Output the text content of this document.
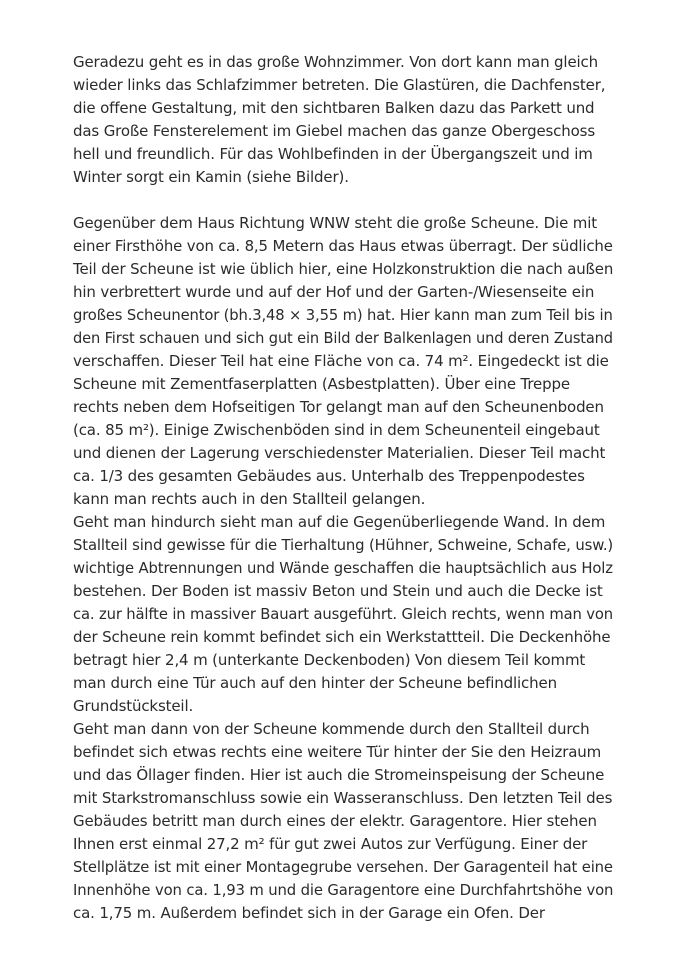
Geradezu geht es in das große Wohnzimmer. Von dort kann man gleich
wieder links das Schlafzimmer betreten. Die Glastüren, die Dachfenster,
die offene Gestaltung, mit den sichtbaren Balken dazu das Parkett und
das Große Fensterelement im Giebel machen das ganze Obergeschoss
hell und freundlich. Für das Wohlbefinden in der Übergangszeit und im
Winter sorgt ein Kamin (siehe Bilder).
Gegenüber dem Haus Richtung WNW steht die große Scheune. Die mit
einer Firsthöhe von ca. 8,5 Metern das Haus etwas überragt. Der südliche
Teil der Scheune ist wie üblich hier, eine Holzkonstruktion die nach außen
hin verbrettert wurde und auf der Hof und der Garten-/Wiesenseite ein
großes Scheunentor (bh.3,48 × 3,55 m) hat. Hier kann man zum Teil bis in
den First schauen und sich gut ein Bild der Balkenlagen und deren Zustand
verschaffen. Dieser Teil hat eine Fläche von ca. 74 m². Eingedeckt ist die
Scheune mit Zementfaserplatten (Asbestplatten). Über eine Treppe
rechts neben dem Hofseitigen Tor gelangt man auf den Scheunenboden
(ca. 85 m²). Einige Zwischenböden sind in dem Scheunenteil eingebaut
und dienen der Lagerung verschiedenster Materialien. Dieser Teil macht
ca. 1/3 des gesamten Gebäudes aus. Unterhalb des Treppenpodestes
kann man rechts auch in den Stallteil gelangen.
Geht man hindurch sieht man auf die Gegenüberliegende Wand. In dem
Stallteil sind gewisse für die Tierhaltung (Hühner, Schweine, Schafe, usw.)
wichtige Abtrennungen und Wände geschaffen die hauptsächlich aus Holz
bestehen. Der Boden ist massiv Beton und Stein und auch die Decke ist
ca. zur hälfte in massiver Bauart ausgeführt. Gleich rechts, wenn man von
der Scheune rein kommt befindet sich ein Werkstattteil. Die Deckenhöhe
betragt hier 2,4 m (unterkante Deckenboden) Von diesem Teil kommt
man durch eine Tür auch auf den hinter der Scheune befindlichen
Grundstücksteil.
Geht man dann von der Scheune kommende durch den Stallteil durch
befindet sich etwas rechts eine weitere Tür hinter der Sie den Heizraum
und das Öllager finden. Hier ist auch die Stromeinspeisung der Scheune
mit Starkstromanschluss sowie ein Wasseranschluss. Den letzten Teil des
Gebäudes betritt man durch eines der elektr. Garagentore. Hier stehen
Ihnen erst einmal 27,2 m² für gut zwei Autos zur Verfügung. Einer der
Stellplätze ist mit einer Montagegrube versehen. Der Garagenteil hat eine
Innenhöhe von ca. 1,93 m und die Garagentore eine Durchfahrtshöhe von
ca. 1,75 m. Außerdem befindet sich in der Garage ein Ofen. Der
